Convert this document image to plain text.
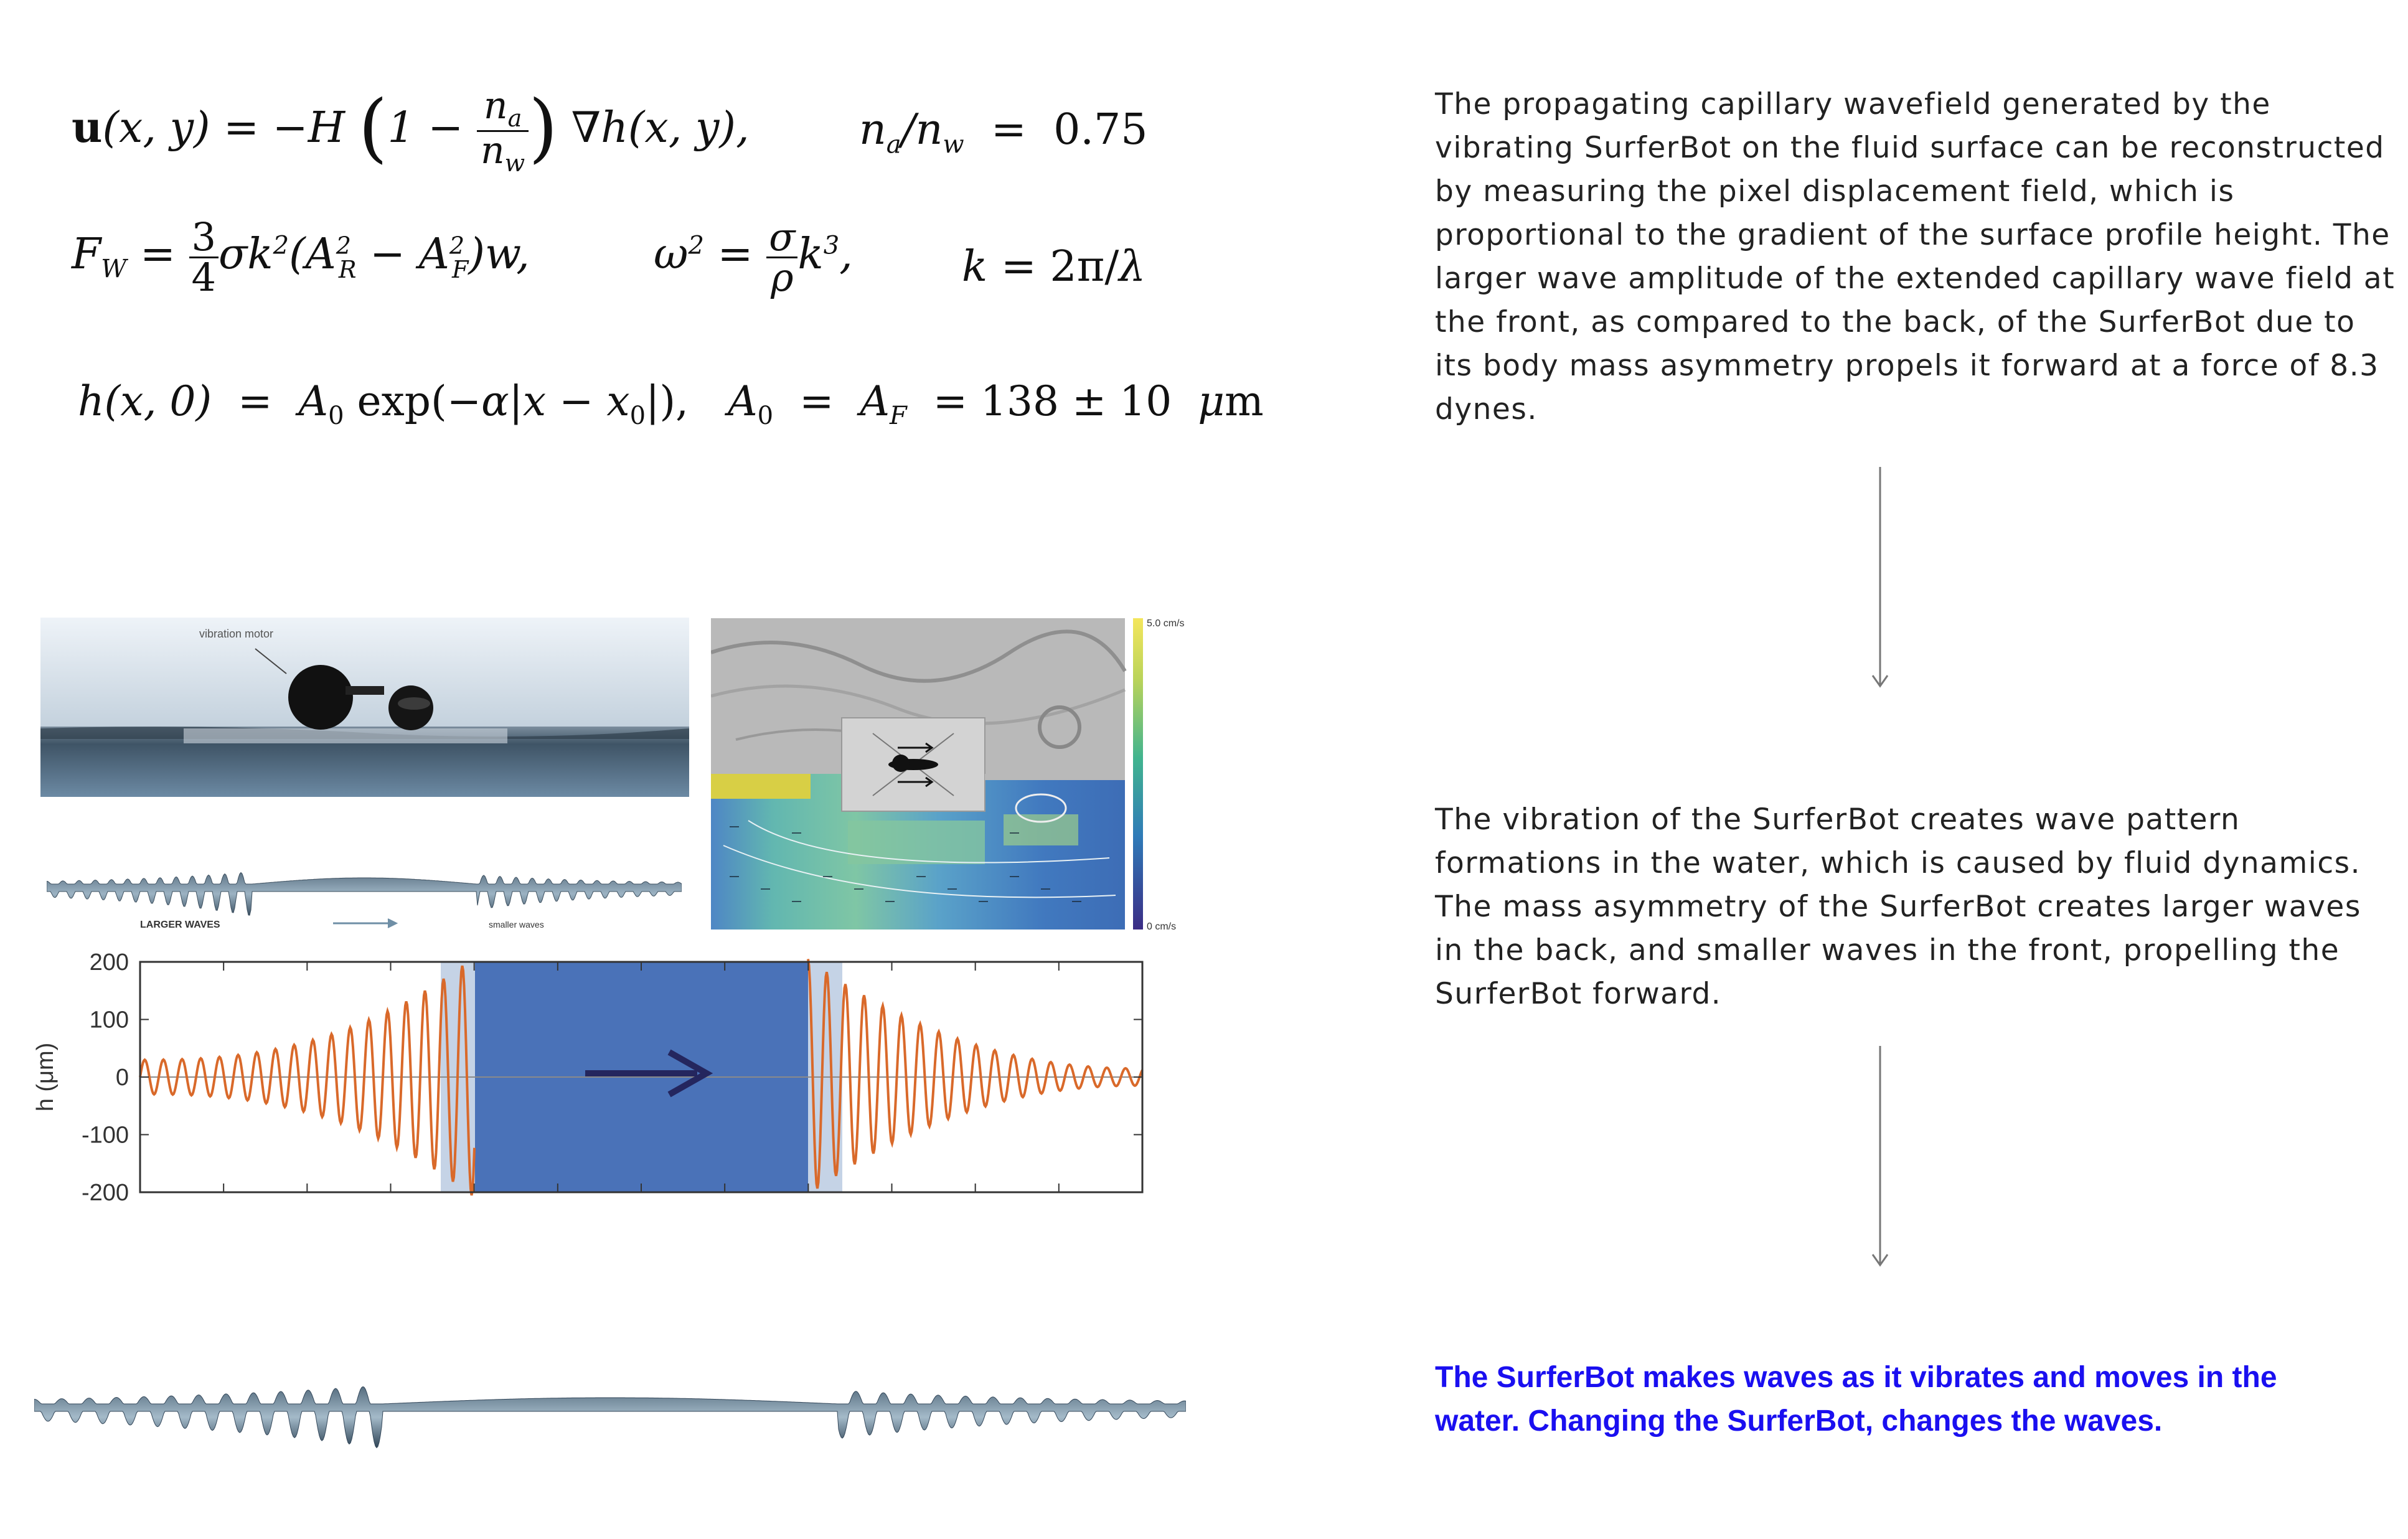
u(x, y) = −H ($1 - \frac{n_a}{n_w}$ ) ∇h(x, y),	$n_a/n_w = 0.75$
$F_W = \frac{3}{4} \sigma k^2(A^2_R - A^2_F)w$,	$\omega^2 = \frac{\sigma}{\rho} k^3$,	k = 2π/λ
h(x, $0) = A_0$ $\exp(-\alpha|x - x_0|)$,   $A_0 = A_F = 138 \pm 10$  μm
vibration motor
5.0 cm/s
0 cm/s
LARGER WAVES	smaller waves
200
100
0
-100
-200
h (μm)
The propagating capillary wavefield generated by the vibrating SurferBot on the fluid surface can be reconstructed by measuring the pixel displacement field, which is proportional to the gradient of the surface profile height. The larger wave amplitude of the extended capillary wave field at the front, as compared to the back, of the SurferBot due to its body mass asymmetry propels it forward at a force of 8.3 dynes.
The vibration of the SurferBot creates wave pattern formations in the water, which is caused by fluid dynamics. The mass asymmetry of the SurferBot creates larger waves in the back, and smaller waves in the front, propelling the SurferBot forward.
The SurferBot makes waves as it vibrates and moves in the water. Changing the SurferBot, changes the waves.
